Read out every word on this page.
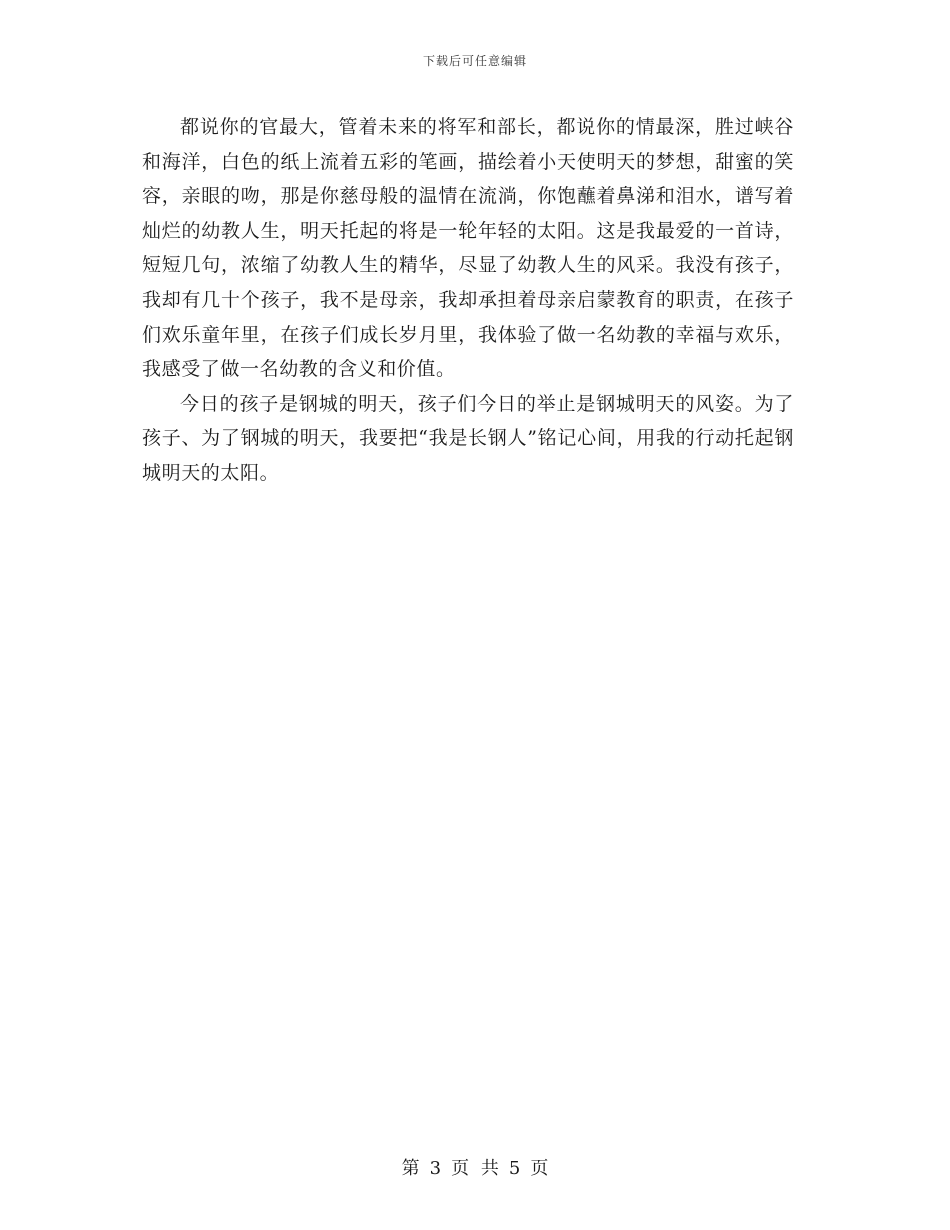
下载后可任意编辑

都说你的官最大，管着未来的将军和部长，都说你的情最深，胜过峡谷和海洋，白色的纸上流着五彩的笔画，描绘着小天使明天的梦想，甜蜜的笑容，亲眼的吻，那是你慈母般的温情在流淌，你饱蘸着鼻涕和泪水，谱写着灿烂的幼教人生，明天托起的将是一轮年轻的太阳。这是我最爱的一首诗，短短几句，浓缩了幼教人生的精华，尽显了幼教人生的风采。我没有孩子，我却有几十个孩子，我不是母亲，我却承担着母亲启蒙教育的职责，在孩子们欢乐童年里，在孩子们成长岁月里，我体验了做一名幼教的幸福与欢乐，我感受了做一名幼教的含义和价值。

今日的孩子是钢城的明天，孩子们今日的举止是钢城明天的风姿。为了孩子、为了钢城的明天，我要把“我是长钢人”铭记心间，用我的行动托起钢城明天的太阳。

第 3 页 共 5 页
